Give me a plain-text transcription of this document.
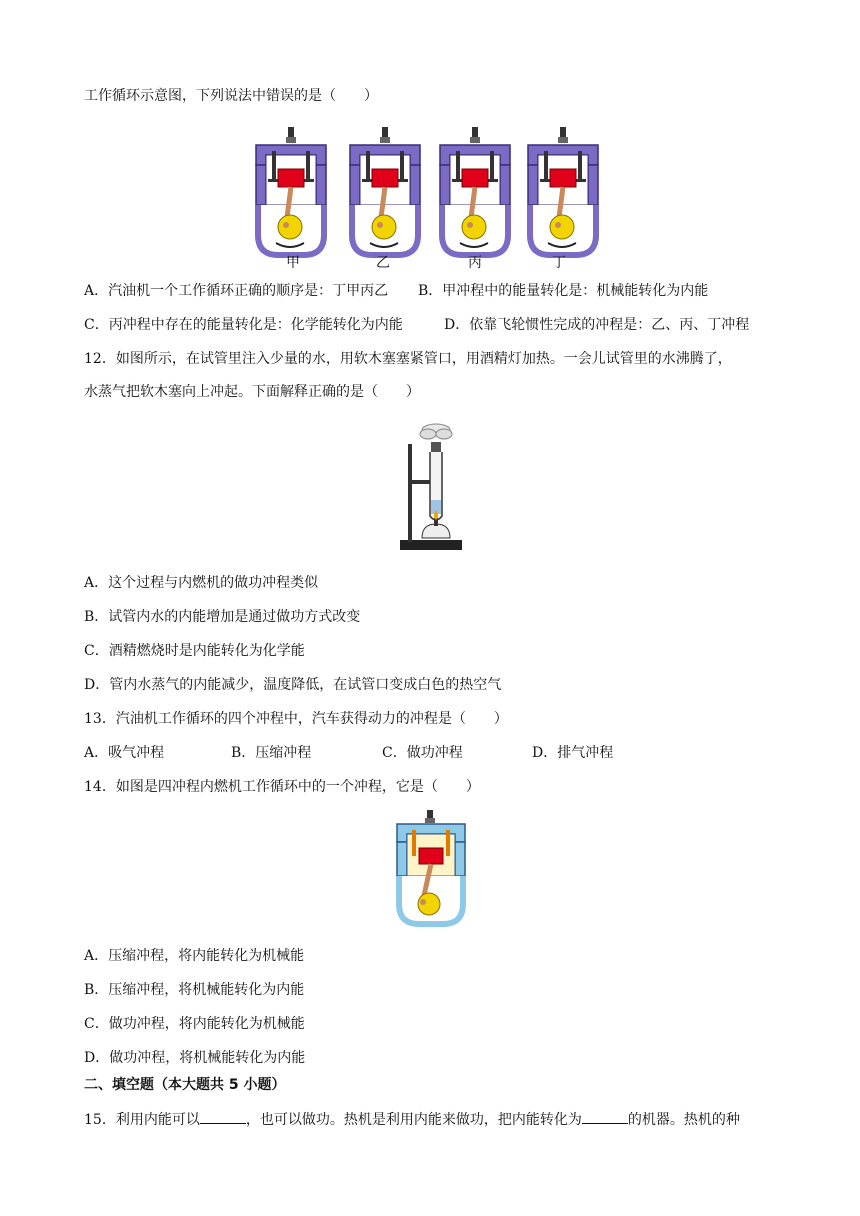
工作循环示意图，下列说法中错误的是（　　）
甲	乙	丙	丁
A．汽油机一个工作循环正确的顺序是：丁甲丙乙 B．甲冲程中的能量转化是：机械能转化为内能
C．丙冲程中存在的能量转化是：化学能转化为内能	D．依靠飞轮惯性完成的冲程是：乙、丙、丁冲程
12．如图所示，在试管里注入少量的水，用软木塞塞紧管口，用酒精灯加热。一会儿试管里的水沸腾了，
水蒸气把软木塞向上冲起。下面解释正确的是（　　）
A．这个过程与内燃机的做功冲程类似
B．试管内水的内能增加是通过做功方式改变
C．酒精燃烧时是内能转化为化学能
D．管内水蒸气的内能减少，温度降低，在试管口变成白色的热空气
13．汽油机工作循环的四个冲程中，汽车获得动力的冲程是（　　）
A．吸气冲程	B．压缩冲程	C．做功冲程	D．排气冲程
14．如图是四冲程内燃机工作循环中的一个冲程，它是（　　）
A．压缩冲程，将内能转化为机械能
B．压缩冲程，将机械能转化为内能
C．做功冲程，将内能转化为机械能
D．做功冲程，将机械能转化为内能
二、填空题（本大题共 5 小题）
15．利用内能可以	，也可以做功。热机是利用内能来做功，把内能转化为	的机器。热机的种
